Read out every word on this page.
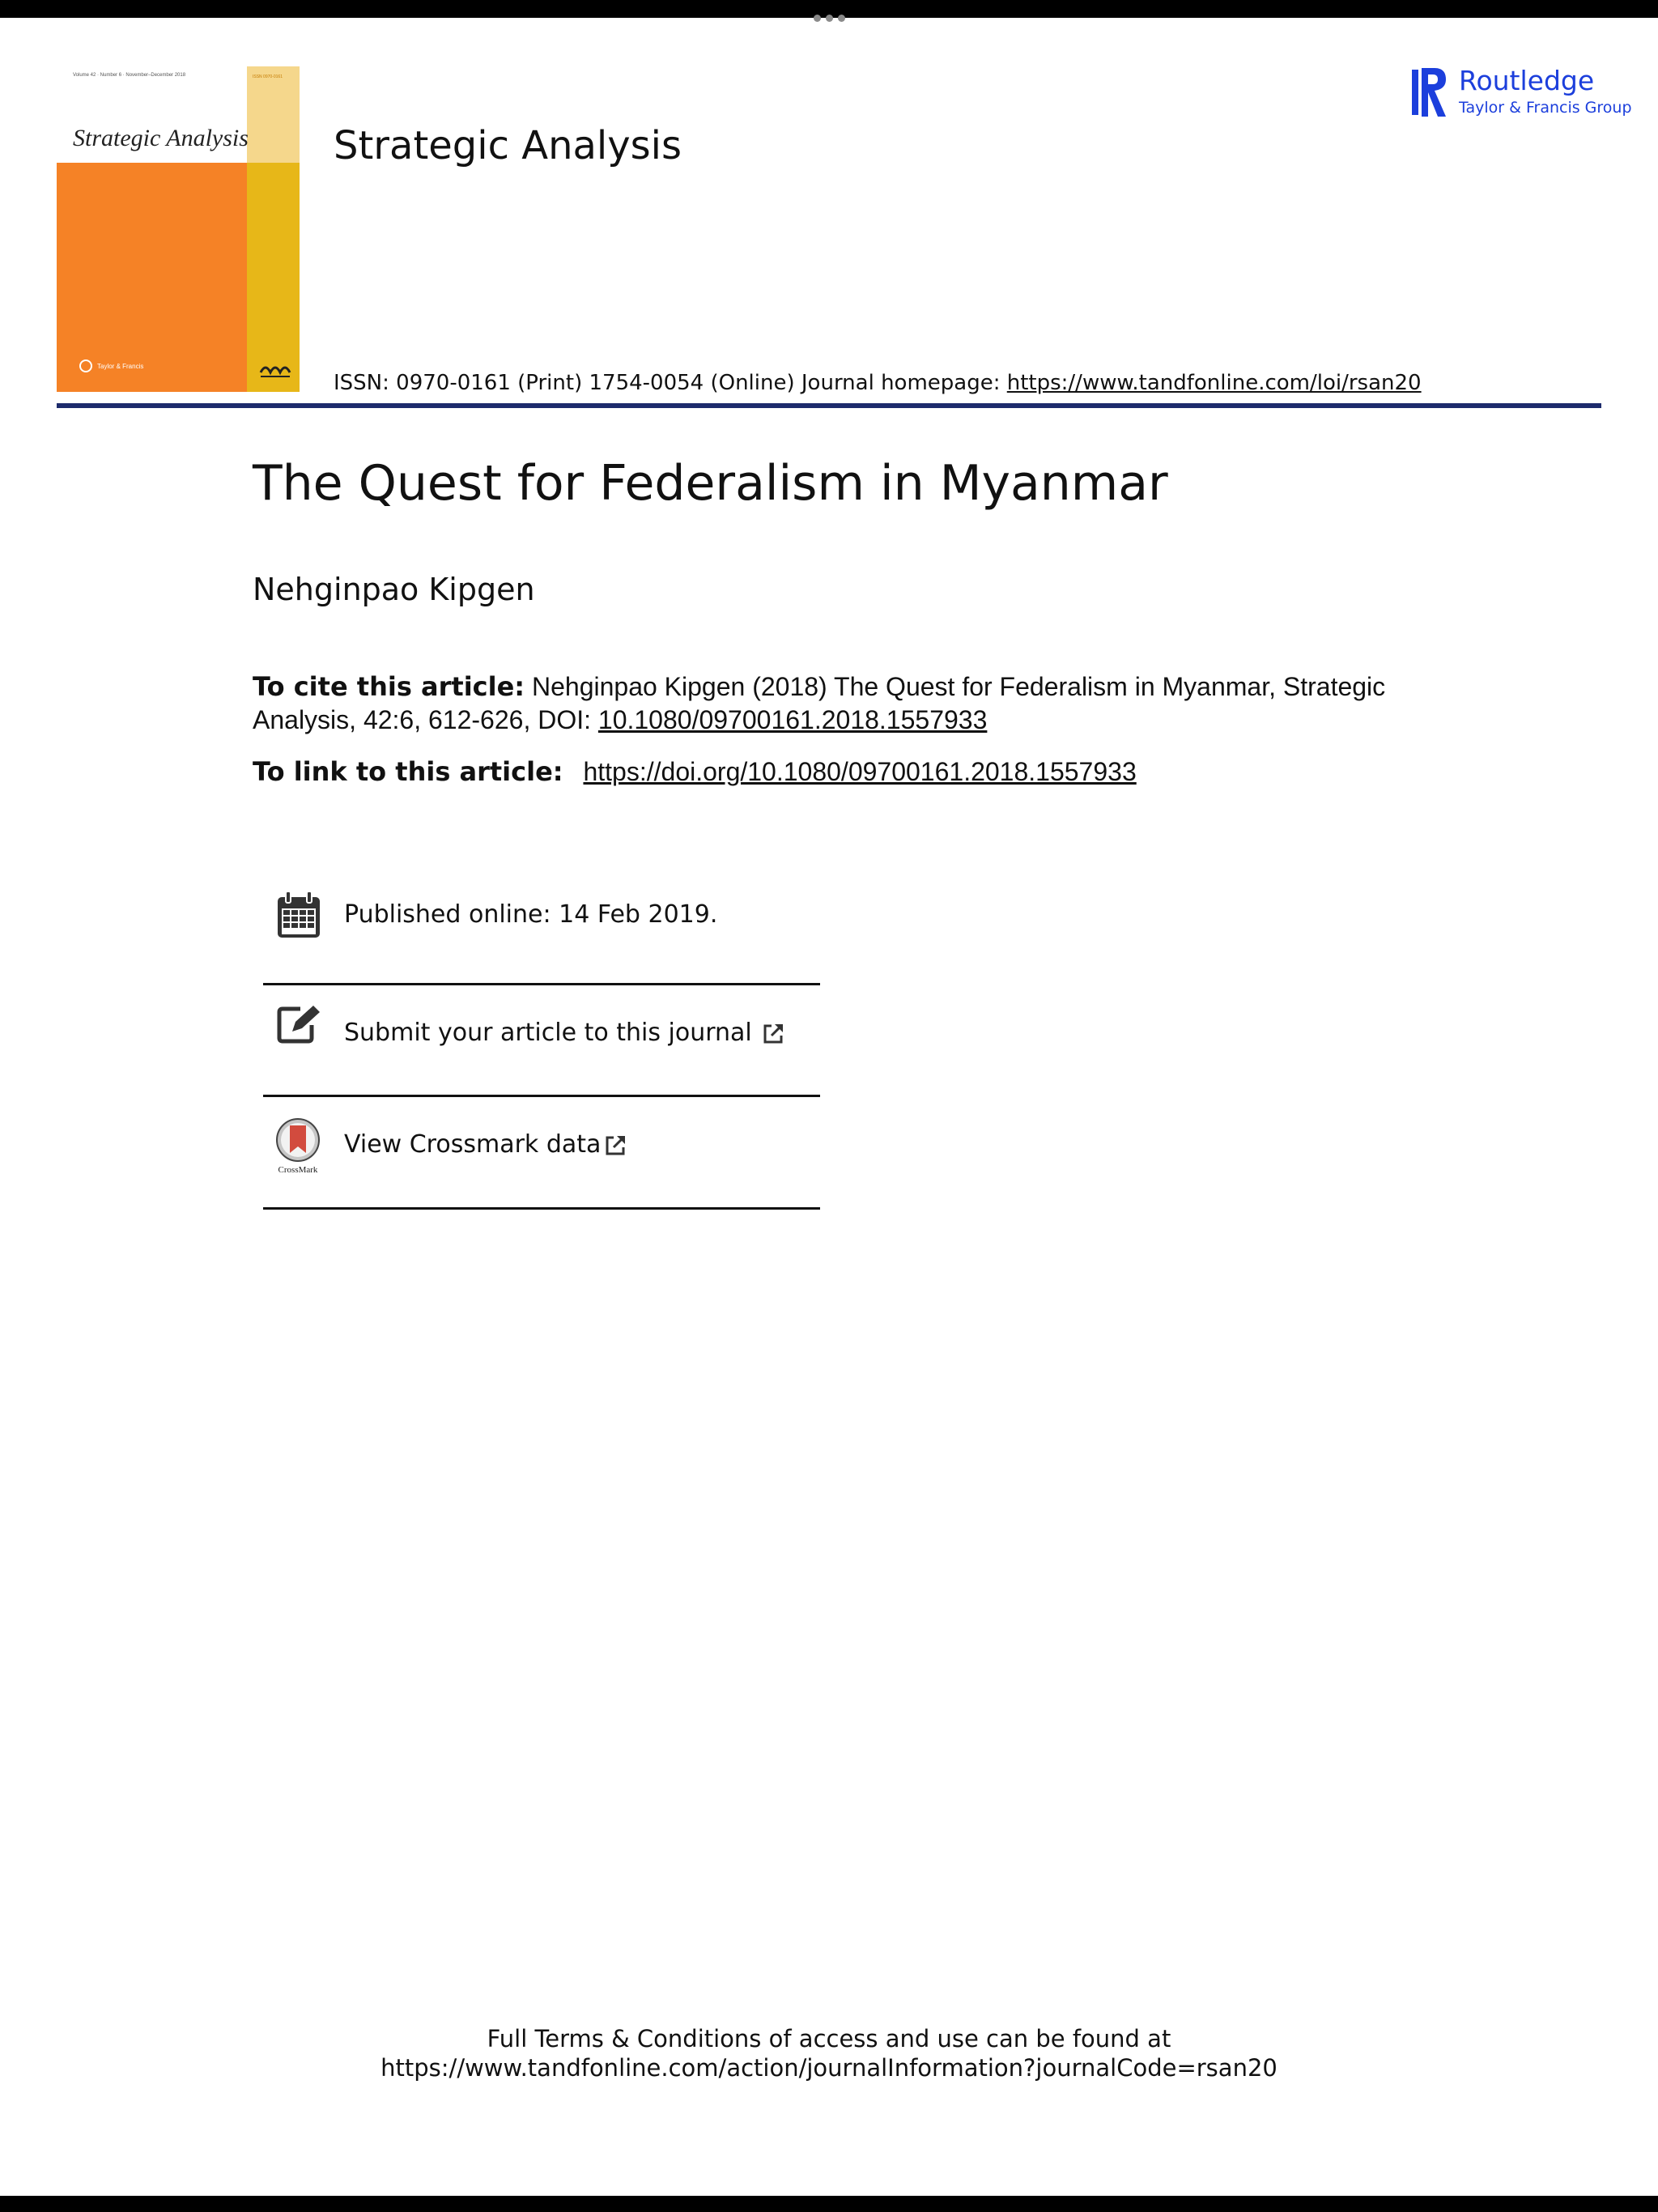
Volume 42 · Number 6 · November–December 2018	ISSN 0970-0161
Strategic Analysis
Taylor & Francis
Strategic Analysis
Routledge
Taylor & Francis Group
ISSN: 0970-0161 (Print) 1754-0054 (Online) Journal homepage: https://www.tandfonline.com/loi/rsan20
The Quest for Federalism in Myanmar
Nehginpao Kipgen
To cite this article: Nehginpao Kipgen (2018) The Quest for Federalism in Myanmar, Strategic Analysis, 42:6, 612-626, DOI: 10.1080/09700161.2018.1557933
To link to this article: https://doi.org/10.1080/09700161.2018.1557933
Published online: 14 Feb 2019.
Submit your article to this journal
CrossMark
View Crossmark data
Full Terms & Conditions of access and use can be found at
https://www.tandfonline.com/action/journalInformation?journalCode=rsan20
